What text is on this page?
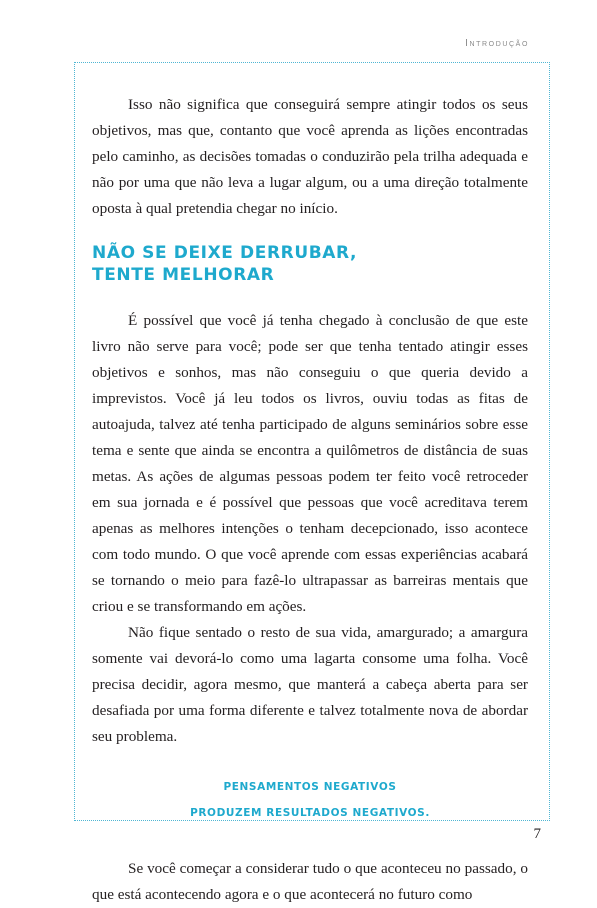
Introdução

Isso não significa que conseguirá sempre atingir todos os seus objetivos, mas que, contanto que você aprenda as lições encontradas pelo caminho, as decisões tomadas o conduzirão pela trilha adequada e não por uma que não leva a lugar algum, ou a uma direção totalmente oposta à qual pretendia chegar no início.

NÃO SE DEIXE DERRUBAR,
TENTE MELHORAR

É possível que você já tenha chegado à conclusão de que este livro não serve para você; pode ser que tenha tentado atingir esses objetivos e sonhos, mas não conseguiu o que queria devido a imprevistos. Você já leu todos os livros, ouviu todas as fitas de autoajuda, talvez até tenha participado de alguns seminários sobre esse tema e sente que ainda se encontra a quilômetros de distância de suas metas. As ações de algumas pessoas podem ter feito você retroceder em sua jornada e é possível que pessoas que você acreditava terem apenas as melhores intenções o tenham decepcionado, isso acontece com todo mundo. O que você aprende com essas experiências acabará se tornando o meio para fazê-lo ultrapassar as barreiras mentais que criou e se transformando em ações.

Não fique sentado o resto de sua vida, amargurado; a amargura somente vai devorá-lo como uma lagarta consome uma folha. Você precisa decidir, agora mesmo, que manterá a cabeça aberta para ser desafiada por uma forma diferente e talvez totalmente nova de abordar seu problema.

PENSAMENTOS NEGATIVOS
PRODUZEM RESULTADOS NEGATIVOS.

Se você começar a considerar tudo o que aconteceu no passado, o que está acontecendo agora e o que acontecerá no futuro como

7
